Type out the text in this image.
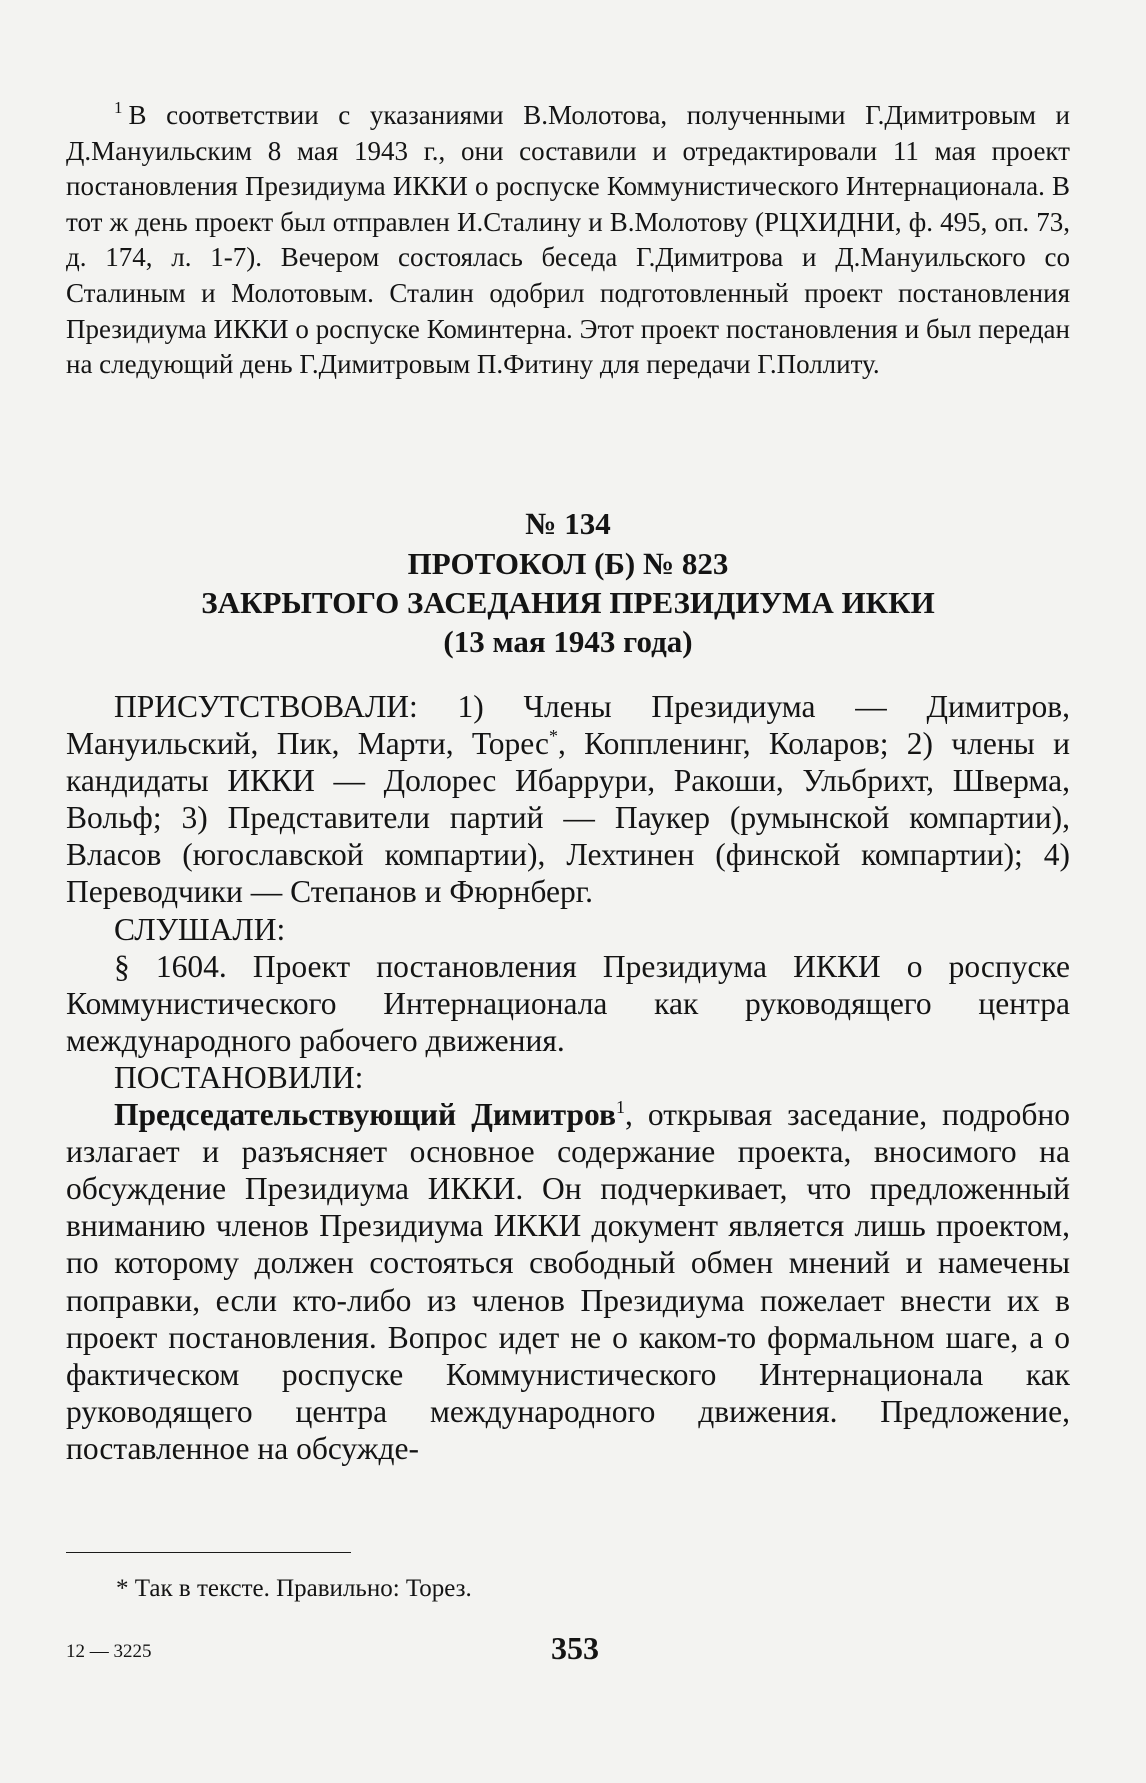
$^1$ В соответствии с указаниями В.Молотова, полученными Г.Димитровым и Д.Мануильским 8 мая 1943 г., они составили и отредактировали 11 мая проект постановления Президиума ИККИ о роспуске Коммунистического Интернационала. В тот ж день проект был отправлен И.Сталину и В.Молотову (РЦХИДНИ, ф. 495, оп. 73, д. 174, л. 1-7). Вечером состоялась беседа Г.Димитрова и Д.Мануильского со Сталиным и Молотовым. Сталин одобрил подготовленный проект постановления Президиума ИККИ о роспуске Коминтерна. Этот проект постановления и был передан на следующий день Г.Димитровым П.Фитину для передачи Г.Поллиту.

№ 134

ПРОТОКОЛ (Б) № 823

ЗАКРЫТОГО ЗАСЕДАНИЯ ПРЕЗИДИУМА ИККИ

(13 мая 1943 года)

ПРИСУТСТВОВАЛИ: 1) Члены Президиума — Димитров, Мануильский, Пик, Марти, Торес*, Коппленинг, Коларов; 2) члены и кандидаты ИККИ — Долорес Ибаррури, Ракоши, Ульбрихт, Шверма, Вольф; 3) Представители партий — Паукер (румынской компартии), Власов (югославской компартии), Лехтинен (финской компартии); 4) Переводчики — Степанов и Фюрнберг.

СЛУШАЛИ:

§ 1604. Проект постановления Президиума ИККИ о роспуске Коммунистического Интернационала как руководящего центра международного рабочего движения.

ПОСТАНОВИЛИ:

Председательствующий Димитров$^1$, открывая заседание, подробно излагает и разъясняет основное содержание проекта, вносимого на обсуждение Президиума ИККИ. Он подчеркивает, что предложенный вниманию членов Президиума ИККИ документ является лишь проектом, по которому должен состояться свободный обмен мнений и намечены поправки, если кто-либо из членов Президиума пожелает внести их в проект постановления. Вопрос идет не о каком-то формальном шаге, а о фактическом роспуске Коммунистического Интернационала как руководящего центра международного движения. Предложение, поставленное на обсужде-

* Так в тексте. Правильно: Торез.

12 — 3225	353
